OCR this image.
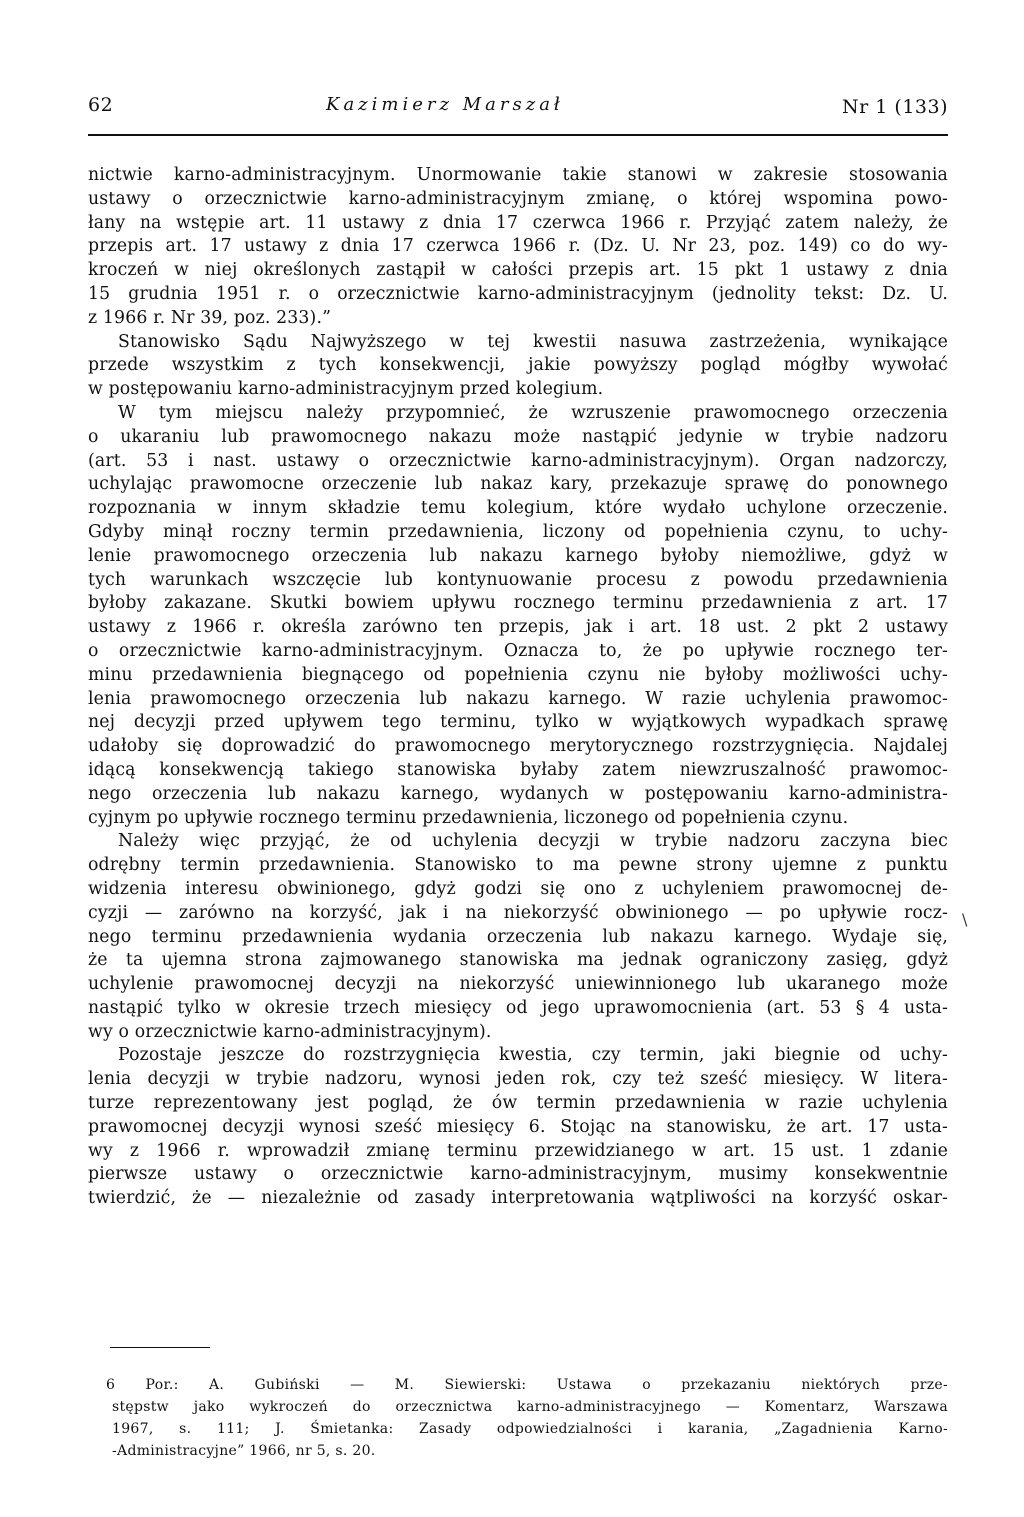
62	Kazimierz Marszał	Nr 1 (133)
nictwie karno-administracyjnym. Unormowanie takie stanowi w zakresie stosowania
ustawy o orzecznictwie karno-administracyjnym zmianę, o której wspomina powo-
łany na wstępie art. 11 ustawy z dnia 17 czerwca 1966 r. Przyjąć zatem należy, że
przepis art. 17 ustawy z dnia 17 czerwca 1966 r. (Dz. U. Nr 23, poz. 149) co do wy-
kroczeń w niej określonych zastąpił w całości przepis art. 15 pkt 1 ustawy z dnia
15 grudnia 1951 r. o orzecznictwie karno-administracyjnym (jednolity tekst: Dz. U.
z 1966 r. Nr 39, poz. 233).”
Stanowisko Sądu Najwyższego w tej kwestii nasuwa zastrzeżenia, wynikające
przede wszystkim z tych konsekwencji, jakie powyższy pogląd mógłby wywołać
w postępowaniu karno-administracyjnym przed kolegium.
W tym miejscu należy przypomnieć, że wzruszenie prawomocnego orzeczenia
o ukaraniu lub prawomocnego nakazu może nastąpić jedynie w trybie nadzoru
(art. 53 i nast. ustawy o orzecznictwie karno-administracyjnym). Organ nadzorczy,
uchylając prawomocne orzeczenie lub nakaz kary, przekazuje sprawę do ponownego
rozpoznania w innym składzie temu kolegium, które wydało uchylone orzeczenie.
Gdyby minął roczny termin przedawnienia, liczony od popełnienia czynu, to uchy-
lenie prawomocnego orzeczenia lub nakazu karnego byłoby niemożliwe, gdyż w
tych warunkach wszczęcie lub kontynuowanie procesu z powodu przedawnienia
byłoby zakazane. Skutki bowiem upływu rocznego terminu przedawnienia z art. 17
ustawy z 1966 r. określa zarówno ten przepis, jak i art. 18 ust. 2 pkt 2 ustawy
o orzecznictwie karno-administracyjnym. Oznacza to, że po upływie rocznego ter-
minu przedawnienia biegnącego od popełnienia czynu nie byłoby możliwości uchy-
lenia prawomocnego orzeczenia lub nakazu karnego. W razie uchylenia prawomoc-
nej decyzji przed upływem tego terminu, tylko w wyjątkowych wypadkach sprawę
udałoby się doprowadzić do prawomocnego merytorycznego rozstrzygnięcia. Najdalej
idącą konsekwencją takiego stanowiska byłaby zatem niewzruszalność prawomoc-
nego orzeczenia lub nakazu karnego, wydanych w postępowaniu karno-administra-
cyjnym po upływie rocznego terminu przedawnienia, liczonego od popełnienia czynu.
Należy więc przyjąć, że od uchylenia decyzji w trybie nadzoru zaczyna biec
odrębny termin przedawnienia. Stanowisko to ma pewne strony ujemne z punktu
widzenia interesu obwinionego, gdyż godzi się ono z uchyleniem prawomocnej de-
cyzji — zarówno na korzyść, jak i na niekorzyść obwinionego — po upływie rocz-
nego terminu przedawnienia wydania orzeczenia lub nakazu karnego. Wydaje się,
że ta ujemna strona zajmowanego stanowiska ma jednak ograniczony zasięg, gdyż
uchylenie prawomocnej decyzji na niekorzyść uniewinnionego lub ukaranego może
nastąpić tylko w okresie trzech miesięcy od jego uprawomocnienia (art. 53 § 4 usta-
wy o orzecznictwie karno-administracyjnym).
Pozostaje jeszcze do rozstrzygnięcia kwestia, czy termin, jaki biegnie od uchy-
lenia decyzji w trybie nadzoru, wynosi jeden rok, czy też sześć miesięcy. W litera-
turze reprezentowany jest pogląd, że ów termin przedawnienia w razie uchylenia
prawomocnej decyzji wynosi sześć miesięcy 6. Stojąc na stanowisku, że art. 17 usta-
wy z 1966 r. wprowadził zmianę terminu przewidzianego w art. 15 ust. 1 zdanie
pierwsze ustawy o orzecznictwie karno-administracyjnym, musimy konsekwentnie
twierdzić, że — niezależnie od zasady interpretowania wątpliwości na korzyść oskar-
\
6 Por.: A. Gubiński — M. Siewierski: Ustawa o przekazaniu niektórych prze-
stępstw jako wykroczeń do orzecznictwa karno-administracyjnego — Komentarz, Warszawa
1967, s. 111; J. Śmietanka: Zasady odpowiedzialności i karania, „Zagadnienia Karno-
-Administracyjne” 1966, nr 5, s. 20.
